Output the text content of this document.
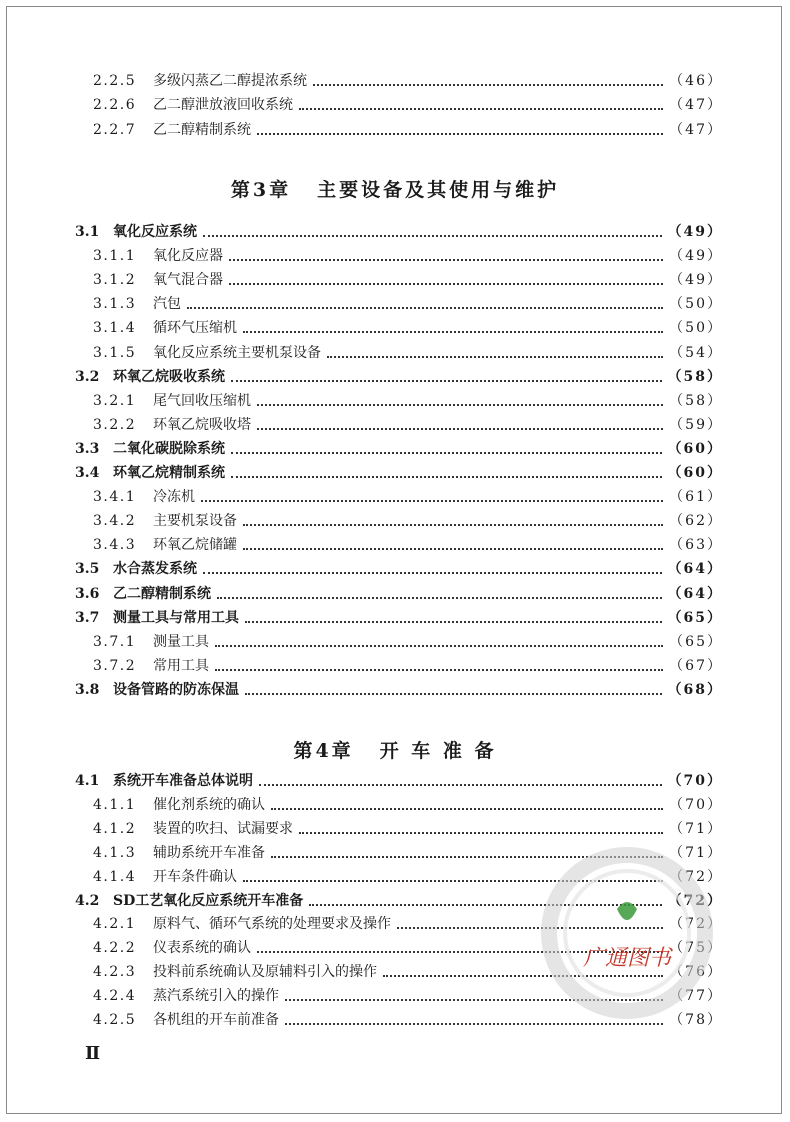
2.2.5	多级闪蒸乙二醇提浓系统	（46）
2.2.6	乙二醇泄放液回收系统	（47）
2.2.7	乙二醇精制系统	（47）
第3章 主要设备及其使用与维护
3.1 氧化反应系统	（49）
3.1.1	氧化反应器	（49）
3.1.2	氧气混合器	（49）
3.1.3	汽包	（50）
3.1.4	循环气压缩机	（50）
3.1.5	氧化反应系统主要机泵设备	（54）
3.2 环氧乙烷吸收系统	（58）
3.2.1	尾气回收压缩机	（58）
3.2.2	环氧乙烷吸收塔	（59）
3.3 二氧化碳脱除系统	（60）
3.4 环氧乙烷精制系统	（60）
3.4.1	冷冻机	（61）
3.4.2	主要机泵设备	（62）
3.4.3	环氧乙烷储罐	（63）
3.5 水合蒸发系统	（64）
3.6 乙二醇精制系统	（64）
3.7 测量工具与常用工具	（65）
3.7.1	测量工具	（65）
3.7.2	常用工具	（67）
3.8 设备管路的防冻保温	（68）
第4章 开 车 准 备
4.1 系统开车准备总体说明	（70）
4.1.1	催化剂系统的确认	（70）
4.1.2	装置的吹扫、试漏要求	（71）
4.1.3	辅助系统开车准备	（71）
4.1.4	开车条件确认	（72）
4.2 SD工艺氧化反应系统开车准备	（72）
4.2.1	原料气、循环气系统的处理要求及操作	（72）
4.2.2	仪表系统的确认	（75）
4.2.3	投料前系统确认及原辅料引入的操作	（76）
4.2.4	蒸汽系统引入的操作	（77）
4.2.5	各机组的开车前准备	（78）
广通图书
Ⅱ
